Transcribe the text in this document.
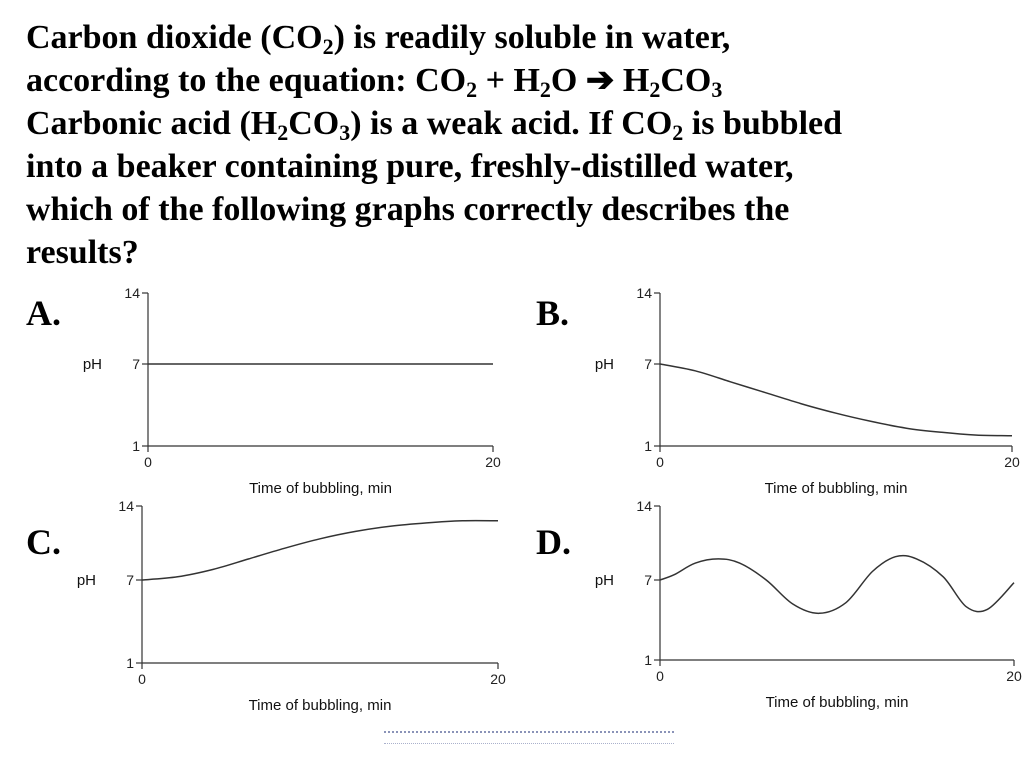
Carbon dioxide $(CO_2)$ is readily soluble in water,
according to the equation: $CO_2 + H_2O$ ➔ $H_2CO_3$
Carbonic acid $(H_2CO_3)$ is a weak acid. If $CO_2$ is bubbled
into a beaker containing pure, freshly-distilled water,
which of the following graphs correctly describes the
results?
A.	B.
C.	D.
14
7
1
0	20
pH
Time of bubbling, min
14
7
1
0	20
pH
Time of bubbling, min
14
7
1
0	20
pH
Time of bubbling, min
14
7
1
0	20
pH
Time of bubbling, min
